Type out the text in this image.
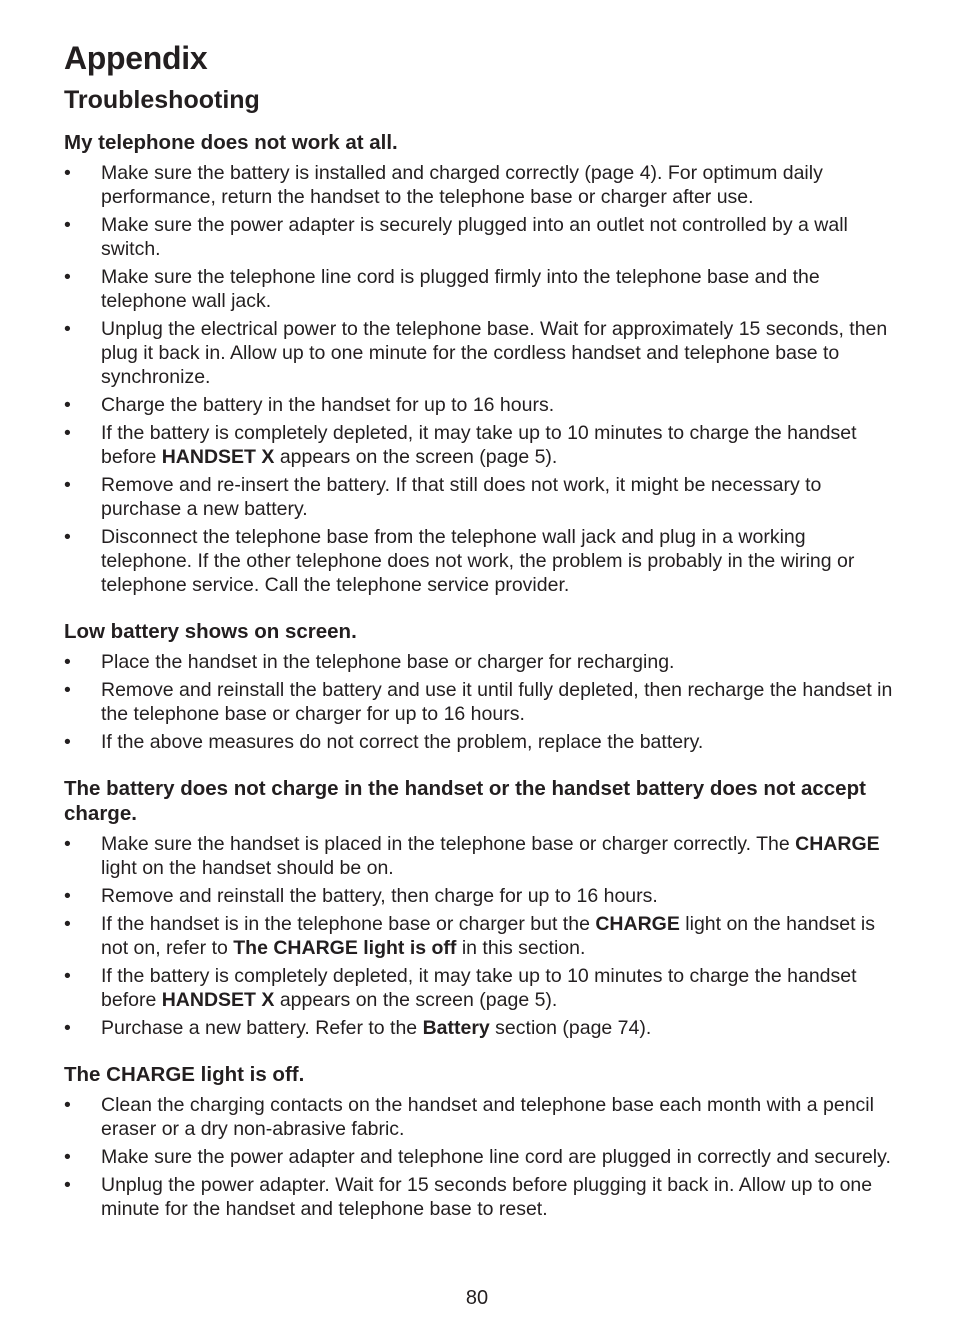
Appendix
Troubleshooting
My telephone does not work at all.
• Make sure the battery is installed and charged correctly (page 4). For optimum daily performance, return the handset to the telephone base or charger after use.
• Make sure the power adapter is securely plugged into an outlet not controlled by a wall switch.
• Make sure the telephone line cord is plugged firmly into the telephone base and the telephone wall jack.
• Unplug the electrical power to the telephone base. Wait for approximately 15 seconds, then plug it back in. Allow up to one minute for the cordless handset and telephone base to synchronize.
• Charge the battery in the handset for up to 16 hours.
• If the battery is completely depleted, it may take up to 10 minutes to charge the handset before HANDSET X appears on the screen (page 5).
• Remove and re-insert the battery. If that still does not work, it might be necessary to purchase a new battery.
• Disconnect the telephone base from the telephone wall jack and plug in a working telephone. If the other telephone does not work, the problem is probably in the wiring or telephone service. Call the telephone service provider.
Low battery shows on screen.
• Place the handset in the telephone base or charger for recharging.
• Remove and reinstall the battery and use it until fully depleted, then recharge the handset in the telephone base or charger for up to 16 hours.
• If the above measures do not correct the problem, replace the battery.
The battery does not charge in the handset or the handset battery does not accept charge.
• Make sure the handset is placed in the telephone base or charger correctly. The CHARGE light on the handset should be on.
• Remove and reinstall the battery, then charge for up to 16 hours.
• If the handset is in the telephone base or charger but the CHARGE light on the handset is not on, refer to The CHARGE light is off in this section.
• If the battery is completely depleted, it may take up to 10 minutes to charge the handset before HANDSET X appears on the screen (page 5).
• Purchase a new battery. Refer to the Battery section (page 74).
The CHARGE light is off.
• Clean the charging contacts on the handset and telephone base each month with a pencil eraser or a dry non-abrasive fabric.
• Make sure the power adapter and telephone line cord are plugged in correctly and securely.
• Unplug the power adapter. Wait for 15 seconds before plugging it back in. Allow up to one minute for the handset and telephone base to reset.

80
